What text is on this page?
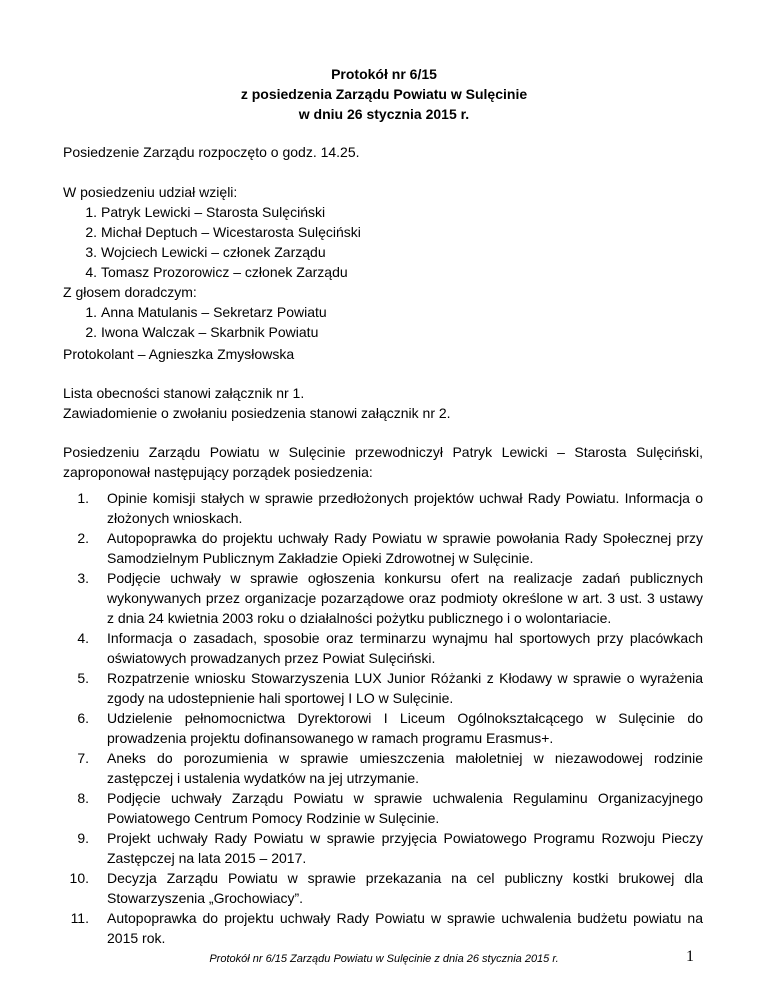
Protokół nr 6/15
z posiedzenia Zarządu Powiatu w Sulęcinie
w dniu 26 stycznia 2015 r.
Posiedzenie Zarządu rozpoczęto o godz. 14.25.
W posiedzeniu udział wzięli:
1. Patryk Lewicki – Starosta Sulęciński
2. Michał Deptuch – Wicestarosta Sulęciński
3. Wojciech Lewicki – członek Zarządu
4. Tomasz Prozorowicz – członek Zarządu
Z głosem doradczym:
1. Anna Matulanis – Sekretarz Powiatu
2. Iwona Walczak – Skarbnik Powiatu
Protokolant – Agnieszka Zmysłowska
Lista obecności stanowi załącznik nr 1.
Zawiadomienie o zwołaniu posiedzenia stanowi załącznik nr 2.
Posiedzeniu Zarządu Powiatu w Sulęcinie przewodniczył Patryk Lewicki – Starosta Sulęciński, zaproponował następujący porządek posiedzenia:
1. Opinie komisji stałych w sprawie przedłożonych projektów uchwał Rady Powiatu. Informacja o złożonych wnioskach.
2. Autopoprawka do projektu uchwały Rady Powiatu w sprawie powołania Rady Społecznej przy Samodzielnym Publicznym Zakładzie Opieki Zdrowotnej w Sulęcinie.
3. Podjęcie uchwały w sprawie ogłoszenia konkursu ofert na realizacje zadań publicznych wykonywanych przez organizacje pozarządowe oraz podmioty określone w art. 3 ust. 3 ustawy z dnia 24 kwietnia 2003 roku o działalności pożytku publicznego i o wolontariacie.
4. Informacja o zasadach, sposobie oraz terminarzu wynajmu hal sportowych przy placówkach oświatowych prowadzanych przez Powiat Sulęciński.
5. Rozpatrzenie wniosku Stowarzyszenia LUX Junior Różanki z Kłodawy w sprawie o wyrażenia zgody na udostepnienie hali sportowej I LO w Sulęcinie.
6. Udzielenie pełnomocnictwa Dyrektorowi I Liceum Ogólnokształcącego w Sulęcinie do prowadzenia projektu dofinansowanego w ramach programu Erasmus+.
7. Aneks do porozumienia w sprawie umieszczenia małoletniej w niezawodowej rodzinie zastępczej i ustalenia wydatków na jej utrzymanie.
8. Podjęcie uchwały Zarządu Powiatu w sprawie uchwalenia Regulaminu Organizacyjnego Powiatowego Centrum Pomocy Rodzinie w Sulęcinie.
9. Projekt uchwały Rady Powiatu w sprawie przyjęcia Powiatowego Programu Rozwoju Pieczy Zastępczej na lata 2015 – 2017.
10. Decyzja Zarządu Powiatu w sprawie przekazania na cel publiczny kostki brukowej dla Stowarzyszenia „Grochowiacy”.
11. Autopoprawka do projektu uchwały Rady Powiatu w sprawie uchwalenia budżetu powiatu na 2015 rok.
Protokół nr 6/15 Zarządu Powiatu w Sulęcinie z dnia 26 stycznia 2015 r.	1
